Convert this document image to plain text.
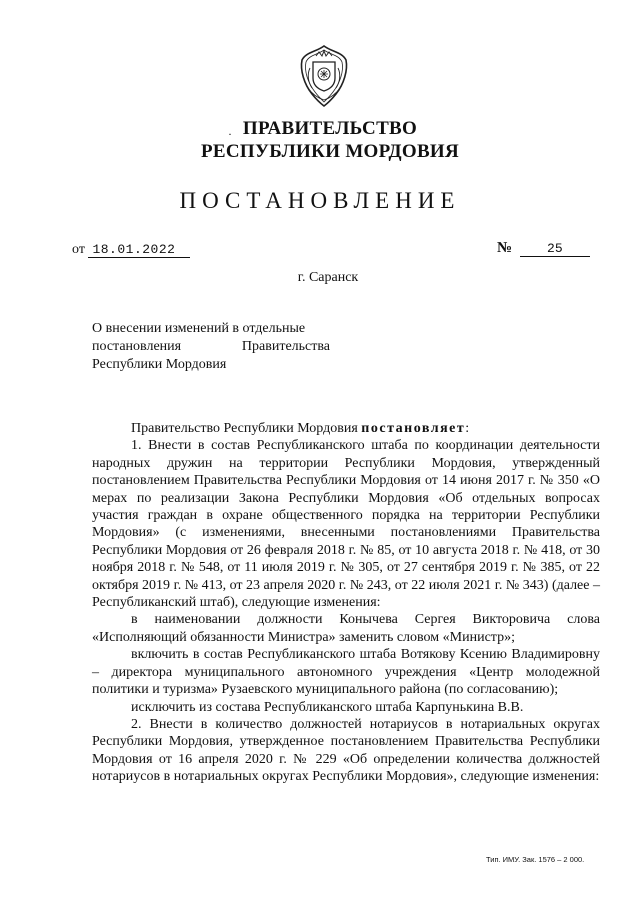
· ПРАВИТЕЛЬСТВО
РЕСПУБЛИКИ МОРДОВИЯ
ПОСТАНОВЛЕНИЕ
от 18.01.2022	№	25
г. Саранск
О внесении изменений в отдельные
постановления Правительства
Республики Мордовия

Правительство Республики Мордовия постановляет:

1. Внести в состав Республиканского штаба по координации деятельности народных дружин на территории Республики Мордовия, утвержденный постановлением Правительства Республики Мордовия от 14 июня 2017 г. № 350 «О мерах по реализации Закона Республики Мордовия «Об отдельных вопросах участия граждан в охране общественного порядка на территории Республики Мордовия» (с изменениями, внесенными постановлениями Правительства Республики Мордовия от 26 февраля 2018 г. № 85, от 10 августа 2018 г. № 418, от 30 ноября 2018 г. № 548, от 11 июля 2019 г. № 305, от 27 сентября 2019 г. № 385, от 22 октября 2019 г. № 413, от 23 апреля 2020 г. № 243, от 22 июля 2021 г. № 343) (далее – Республиканский штаб), следующие изменения:

в наименовании должности Конычева Сергея Викторовича слова «Исполняющий обязанности Министра» заменить словом «Министр»;

включить в состав Республиканского штаба Вотякову Ксению Владимировну – директора муниципального автономного учреждения «Центр молодежной политики и туризма» Рузаевского муниципального района (по согласованию);

исключить из состава Республиканского штаба Карпунькина В.В.

2. Внести в количество должностей нотариусов в нотариальных округах Республики Мордовия, утвержденное постановлением Правительства Республики Мордовия от 16 апреля 2020 г. № 229 «Об определении количества должностей нотариусов в нотариальных округах Республики Мордовия», следующие изменения:

Тип. ИМУ. Зак. 1576 – 2 000.
